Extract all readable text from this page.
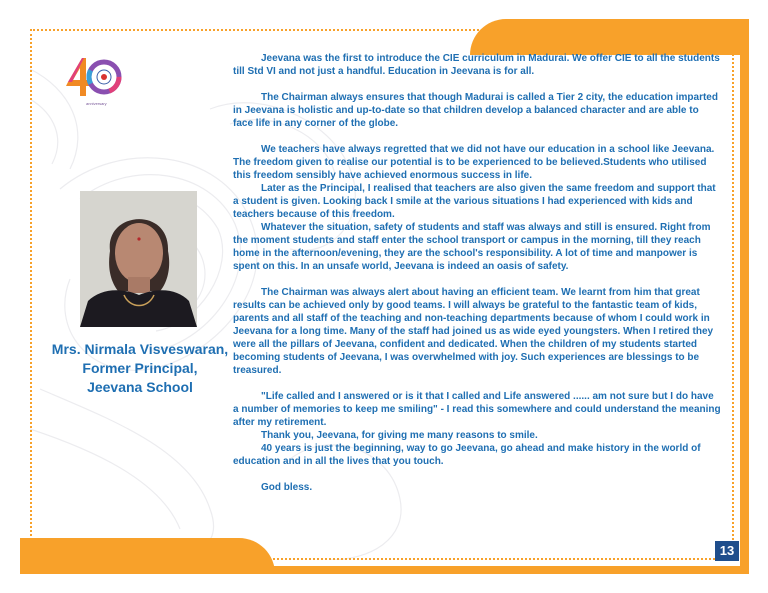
anniversary
Mrs. Nirmala Visveswaran,
Former Principal,
Jeevana School

Jeevana was the first to introduce the CIE curriculum in Madurai. We offer CIE to all the students till Std VI and not just a handful. Education in Jeevana is for all.

The Chairman always ensures that though Madurai is called a Tier 2 city, the education imparted in Jeevana is holistic and up-to-date so that children develop a balanced character and are able to face life in any corner of the globe.

We teachers have always regretted that we did not have our education in a school like Jeevana. The freedom given to realise our potential is to be experienced to be believed.Students who utilised this freedom sensibly have achieved enormous success in life.

Later as the Principal, I realised that teachers are also given the same freedom and support that a student is given. Looking back I smile at the various situations I had experienced with kids and teachers because of this freedom.

Whatever the situation, safety of students and staff was always and still is ensured. Right from the moment students and staff enter the school transport or campus in the morning, till they reach home in the afternoon/evening, they are the school's responsibility. A lot of time and manpower is spent on this. In an unsafe world, Jeevana is indeed an oasis of safety.

The Chairman was always alert about having an efficient team. We learnt from him that great results can be achieved only by good teams. I will always be grateful to the fantastic team of kids, parents and all staff of the teaching and non-teaching departments because of whom I could work in Jeevana for a long time. Many of the staff had joined us as wide eyed youngsters. When I retired they were all the pillars of Jeevana, confident and dedicated. When the children of my students started becoming students of Jeevana, I was overwhelmed with joy. Such experiences are blessings to be treasured.

"Life called and I answered or is it that I called and Life answered ...... am not sure but I do have a number of memories to keep me smiling" - I read this somewhere and could understand the meaning after my retirement.

Thank you, Jeevana, for giving me many reasons to smile.

40 years is just the beginning, way to go Jeevana, go ahead and make history in the world of education and in all the lives that you touch.

God bless.

13
